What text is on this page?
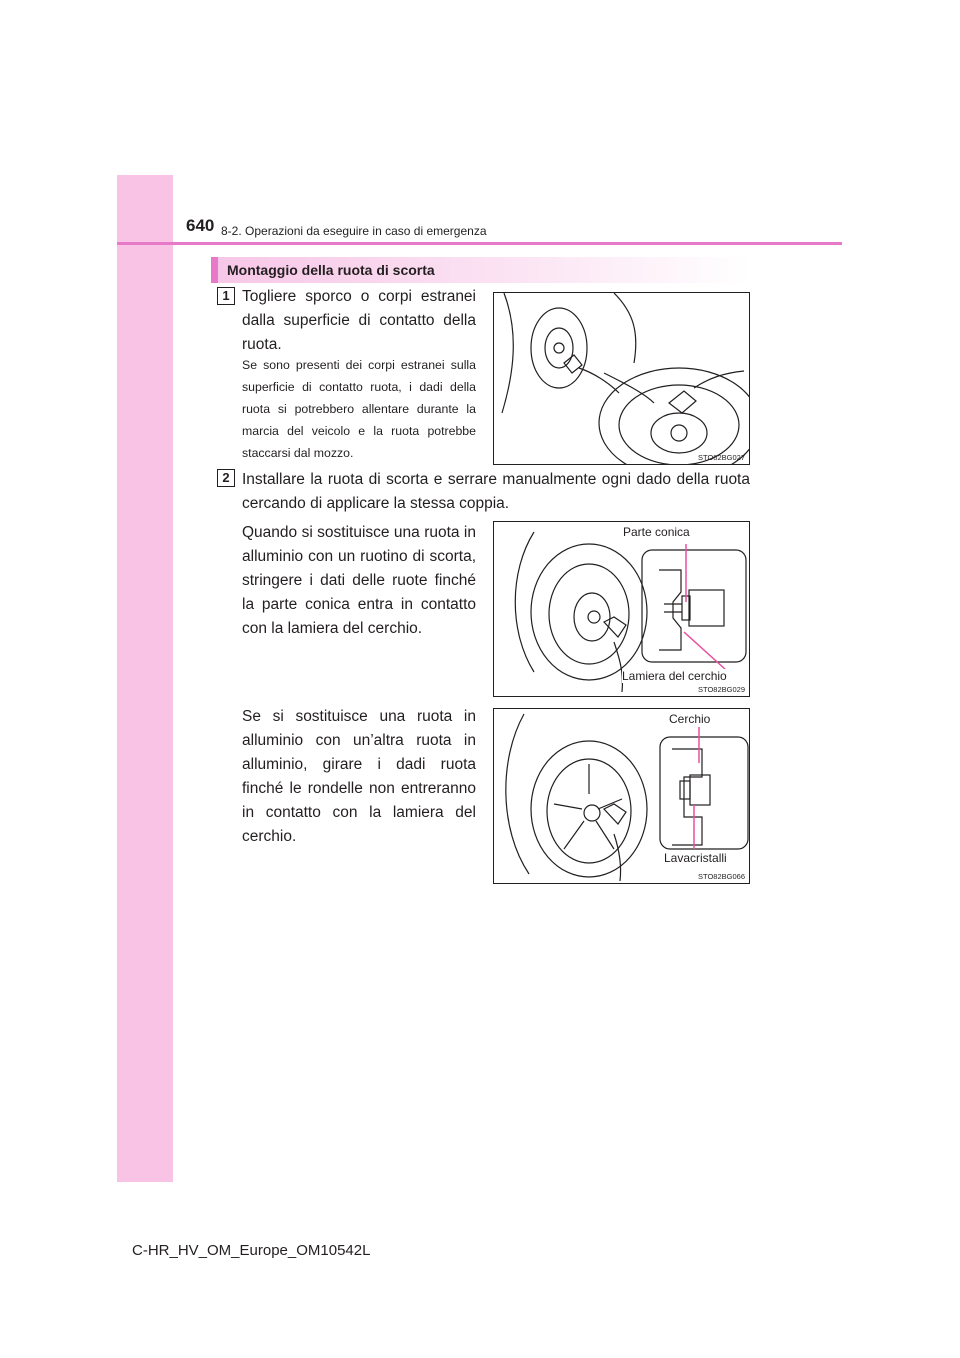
640 8-2. Operazioni da eseguire in caso di emergenza
Montaggio della ruota di scorta
1 Togliere sporco o corpi estranei dalla superficie di contatto della ruota.
Se sono presenti dei corpi estranei sulla superficie di contatto ruota, i dadi della ruota si potrebbero allentare durante la marcia del veicolo e la ruota potrebbe staccarsi dal mozzo.	STO82BG027
2 Installare la ruota di scorta e serrare manualmente ogni dado della ruota cercando di applicare la stessa coppia.
Quando si sostituisce una ruota in alluminio con un ruotino di scorta, stringere i dati delle ruote finché la parte conica entra in contatto con la lamiera del cerchio.
Parte conica
Lamiera del cerchio
STO82BG029
Se si sostituisce una ruota in alluminio con un’altra ruota in alluminio, girare i dadi ruota finché le rondelle non entreranno in contatto con la lamiera del cerchio.
Cerchio
Lavacristalli
STO82BG066
C-HR_HV_OM_Europe_OM10542L
